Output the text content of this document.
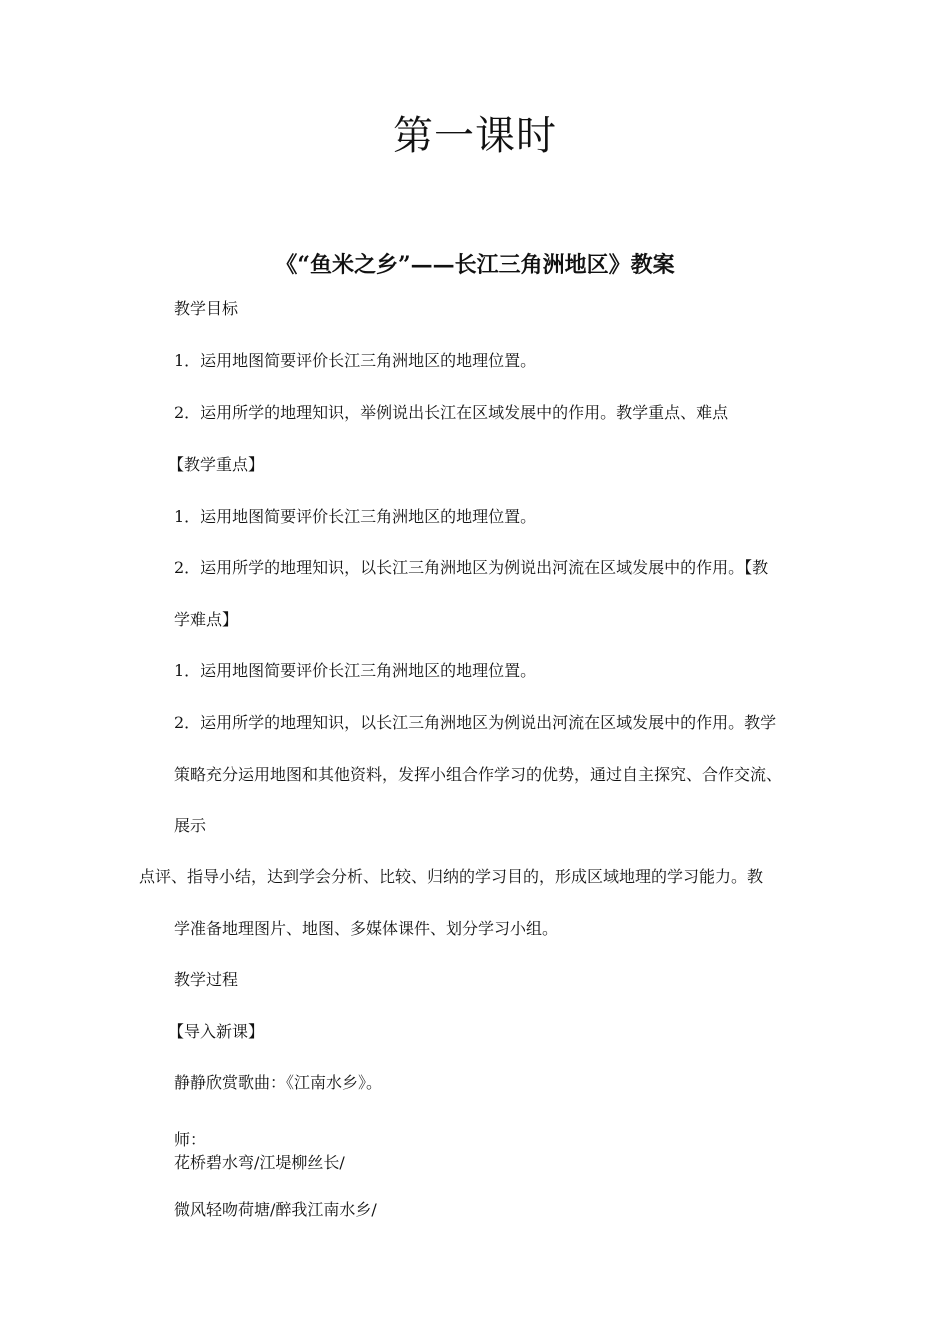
第一课时
《“鱼米之乡”——长江三角洲地区》教案

教学目标

1．运用地图简要评价长江三角洲地区的地理位置。

2．运用所学的地理知识，举例说出长江在区域发展中的作用。教学重点、难点

【教学重点】

1．运用地图简要评价长江三角洲地区的地理位置。

2．运用所学的地理知识，以长江三角洲地区为例说出河流在区域发展中的作用。【教

学难点】

1．运用地图简要评价长江三角洲地区的地理位置。

2．运用所学的地理知识，以长江三角洲地区为例说出河流在区域发展中的作用。教学

策略充分运用地图和其他资料，发挥小组合作学习的优势，通过自主探究、合作交流、

展示

点评、指导小结，达到学会分析、比较、归纳的学习目的，形成区域地理的学习能力。教

学准备地理图片、地图、多媒体课件、划分学习小组。

教学过程

【导入新课】

静静欣赏歌曲：《江南水乡》。

师：

花桥碧水弯/江堤柳丝长/

微风轻吻荷塘/醉我江南水乡/
